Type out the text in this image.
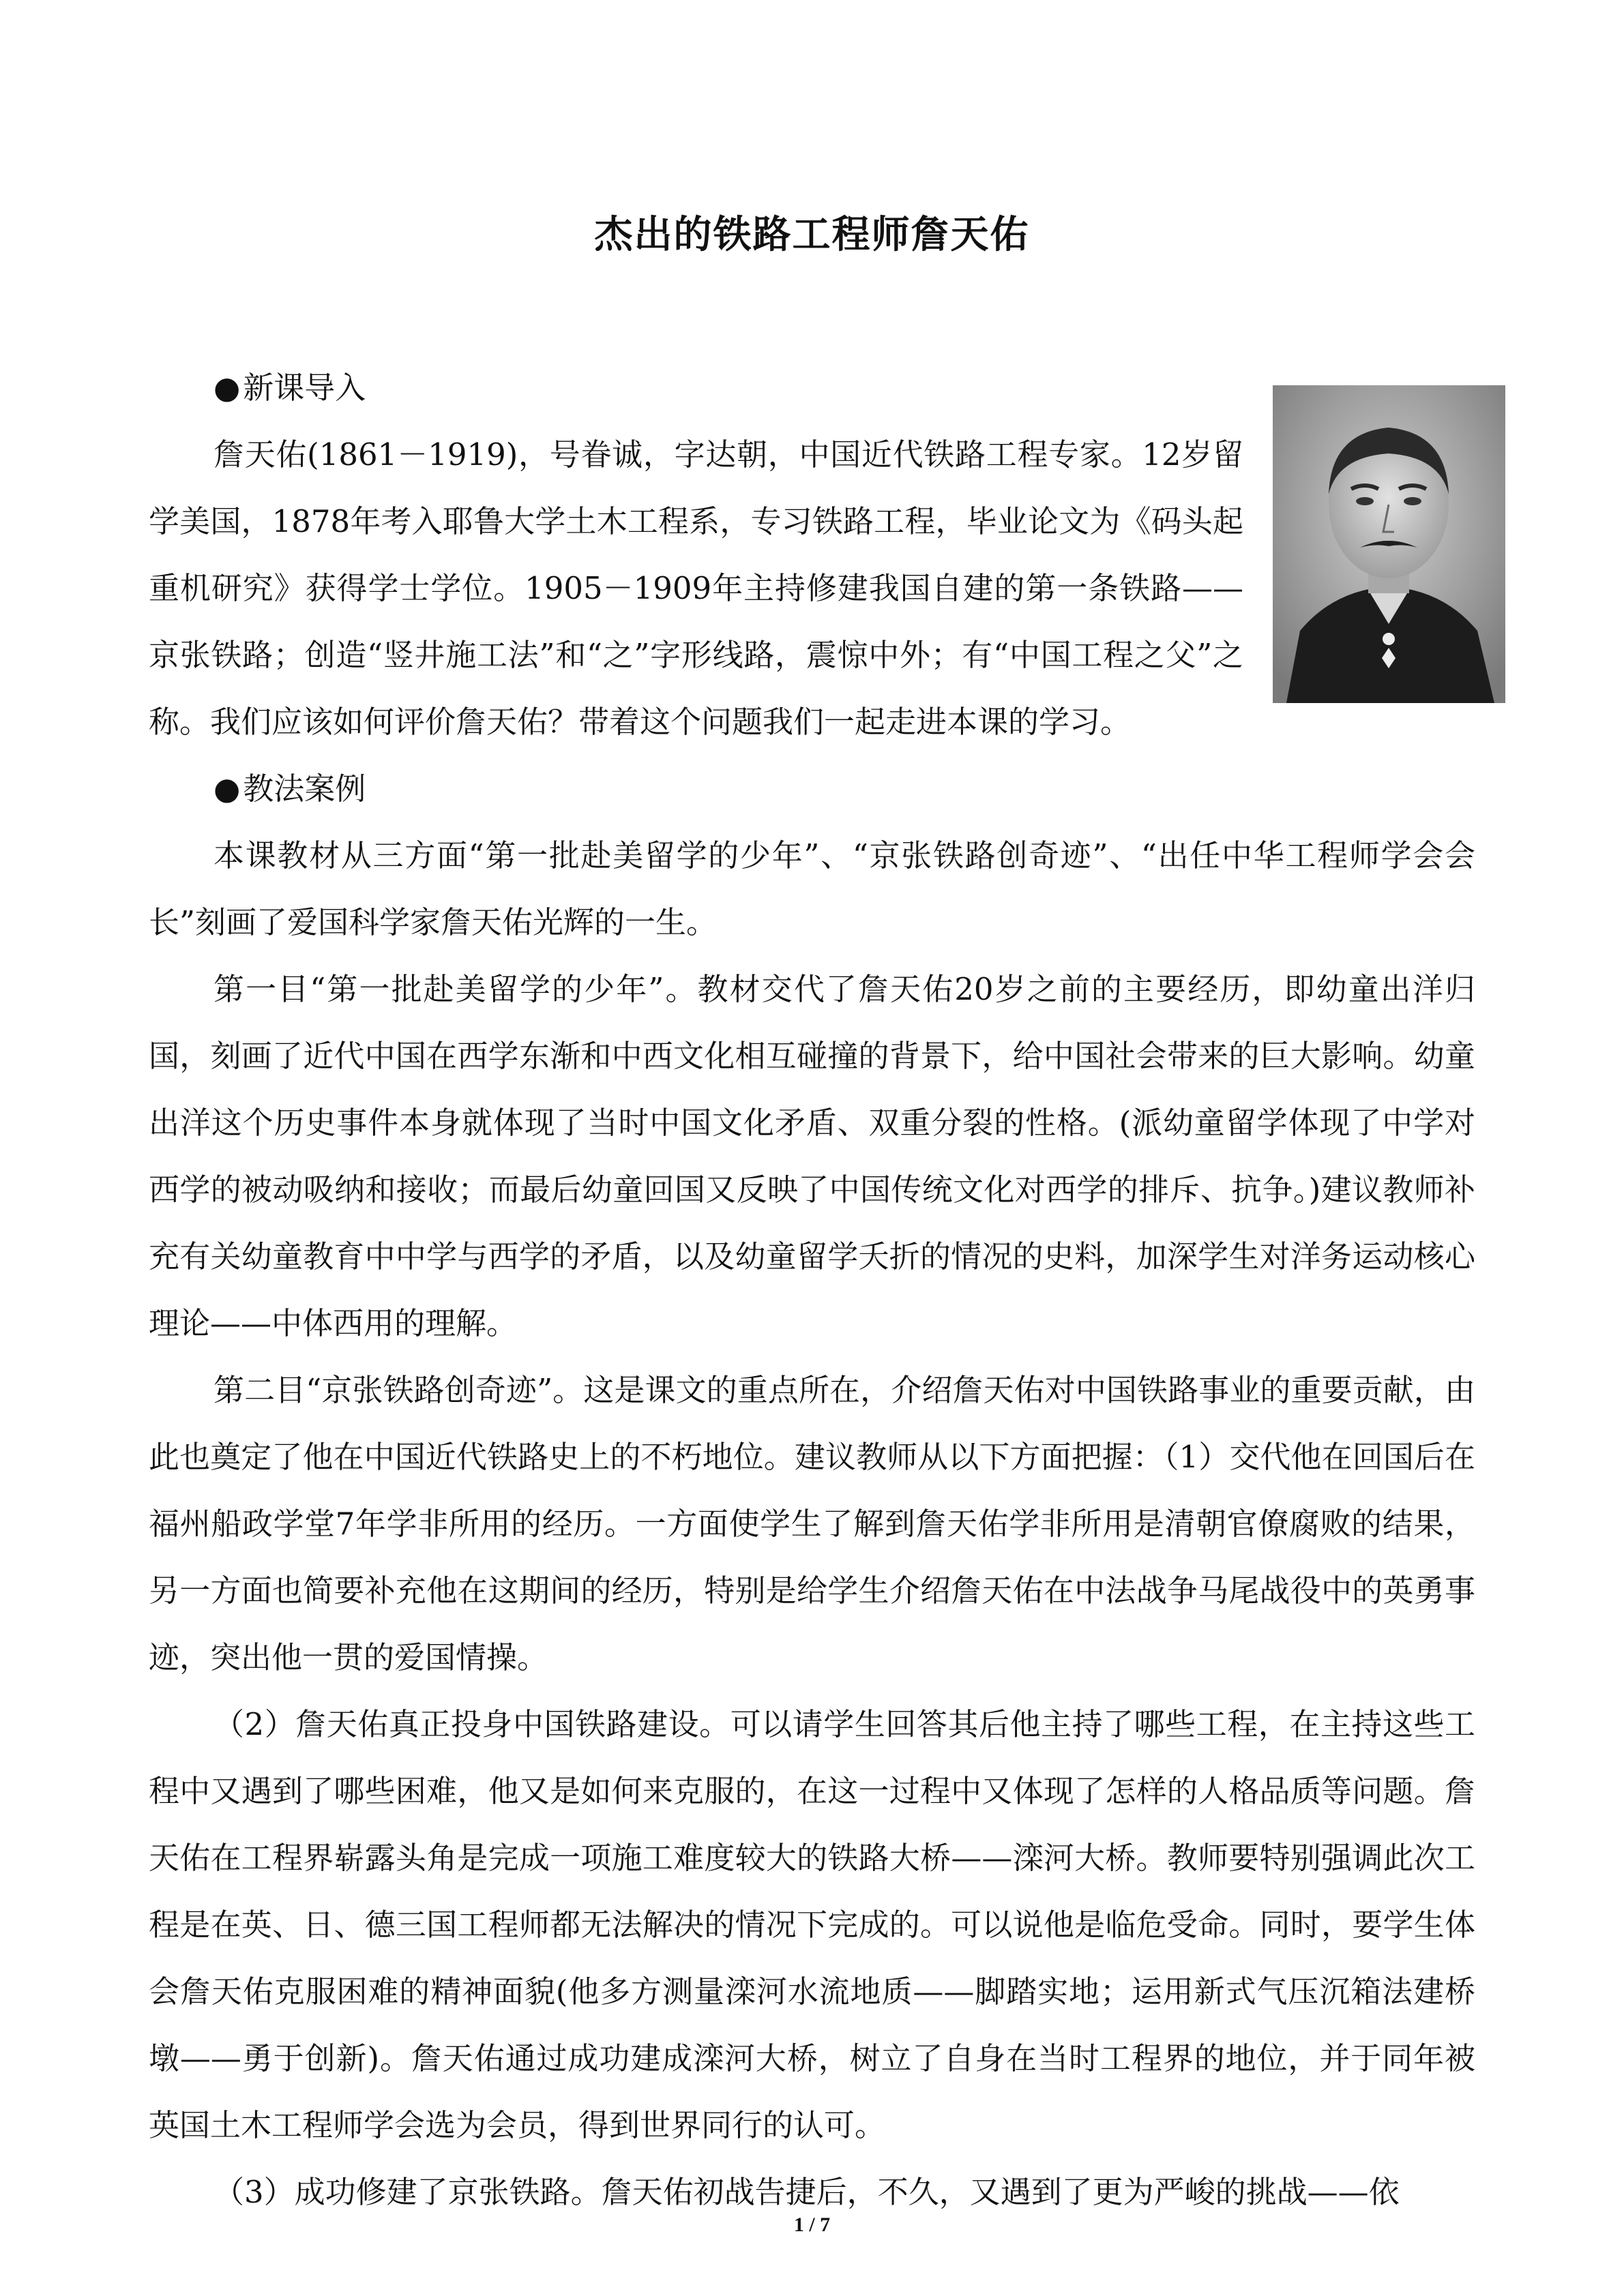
杰出的铁路工程师詹天佑
●新课导入

詹天佑(1861－1919)，号眷诚，字达朝，中国近代铁路工程专家。12岁留学美国，1878年考入耶鲁大学土木工程系，专习铁路工程，毕业论文为《码头起重机研究》获得学士学位。1905－1909年主持修建我国自建的第一条铁路——京张铁路；创造“竖井施工法”和“之”字形线路，震惊中外；有“中国工程之父”之称。我们应该如何评价詹天佑？带着这个问题我们一起走进本课的学习。

●教法案例

本课教材从三方面“第一批赴美留学的少年”、“京张铁路创奇迹”、“出任中华工程师学会会长”刻画了爱国科学家詹天佑光辉的一生。

第一目“第一批赴美留学的少年”。教材交代了詹天佑20岁之前的主要经历，即幼童出洋归国，刻画了近代中国在西学东渐和中西文化相互碰撞的背景下，给中国社会带来的巨大影响。幼童出洋这个历史事件本身就体现了当时中国文化矛盾、双重分裂的性格。(派幼童留学体现了中学对西学的被动吸纳和接收；而最后幼童回国又反映了中国传统文化对西学的排斥、抗争。)建议教师补充有关幼童教育中中学与西学的矛盾，以及幼童留学夭折的情况的史料，加深学生对洋务运动核心理论——中体西用的理解。

第二目“京张铁路创奇迹”。这是课文的重点所在，介绍詹天佑对中国铁路事业的重要贡献，由此也奠定了他在中国近代铁路史上的不朽地位。建议教师从以下方面把握：（1）交代他在回国后在福州船政学堂7年学非所用的经历。一方面使学生了解到詹天佑学非所用是清朝官僚腐败的结果，另一方面也简要补充他在这期间的经历，特别是给学生介绍詹天佑在中法战争马尾战役中的英勇事迹，突出他一贯的爱国情操。

（2）詹天佑真正投身中国铁路建设。可以请学生回答其后他主持了哪些工程，在主持这些工程中又遇到了哪些困难，他又是如何来克服的，在这一过程中又体现了怎样的人格品质等问题。詹天佑在工程界崭露头角是完成一项施工难度较大的铁路大桥——滦河大桥。教师要特别强调此次工程是在英、日、德三国工程师都无法解决的情况下完成的。可以说他是临危受命。同时，要学生体会詹天佑克服困难的精神面貌(他多方测量滦河水流地质——脚踏实地；运用新式气压沉箱法建桥墩——勇于创新)。詹天佑通过成功建成滦河大桥，树立了自身在当时工程界的地位，并于同年被英国土木工程师学会选为会员，得到世界同行的认可。

（3）成功修建了京张铁路。詹天佑初战告捷后，不久，又遇到了更为严峻的挑战——依

1 / 7
